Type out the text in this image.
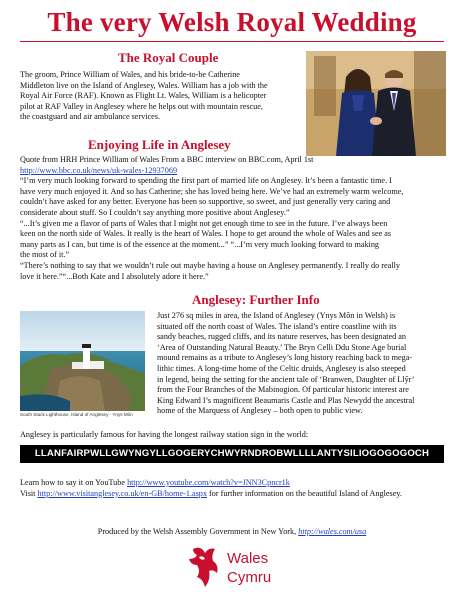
The very Welsh Royal Wedding
The Royal Couple
The groom, Prince William of Wales, and his bride-to-be Catherine
Middleton live on the Island of Anglesey, Wales. William has a job with the
Royal Air Force (RAF). Known as Flight Lt. Wales, William is a helicopter
pilot at RAF Valley in Anglesey where he helps out with mountain rescue,
the coastguard and air ambulance services.
Enjoying Life in Anglesey
Quote from HRH Prince William of Wales From a BBC interview on BBC.com, April 1st
http://www.bbc.co.uk/news/uk-wales-12937069
“I’m very much looking forward to spending the first part of married life on Anglesey. It’s been a fantastic time. I
have very much enjoyed it. And so has Catherine; she has loved being here. We’ve had an extremely warm welcome,
couldn’t have asked for any better. Everyone has been so supportive, so sweet, and just generally very caring and
considerate about stuff. So I couldn’t say anything more positive about Anglesey.”
“...It’s given me a flavor of parts of Wales that I might not get enough time to see in the future. I’ve always been
keen on the north side of Wales. It really is the heart of Wales. I hope to get around the whole of Wales and see as
many parts as I can, but time is of the essence at the moment...” “...I’m very much looking forward to making
the most of it.”
“There’s nothing to say that we wouldn’t rule out maybe having a house on Anglesey permanently. I really do really
love it here.”“...Both Kate and I absolutely adore it here.”
Anglesey: Further Info
South Stack Lighthouse, Island of Anglesey - Ynys Môn
Just 276 sq miles in area, the Island of Anglesey (Ynys Môn in Welsh) is
situated off the north coast of Wales. The island’s entire coastline with its
sandy beaches, rugged cliffs, and its nature reserves, has been designated an
‘Area of Outstanding Natural Beauty.’ The Bryn Celli Ddu Stone Age burial
mound remains as a tribute to Anglesey’s long history reaching back to mega-
lithic times. A long-time home of the Celtic druids, Anglesey is also steeped
in legend, being the setting for the ancient tale of ‘Branwen, Daughter of Llŷr’
from the Four Branches of the Mabinogion. Of particular historic interest are
King Edward I’s magnificent Beaumaris Castle and Plas Newydd the ancestral
home of the Marquess of Anglesey – both open to public view.
Anglesey is particularly famous for having the longest railway station sign in the world:
LLANFAIRPWLLGWYNGYLLGOGERYCHWYRNDROBWLLLLANTYSILIOGOGOGOCH
Learn how to say it on YouTube http://www.youtube.com/watch?v=JNN3Cpncr1k
Visit http://www.visitanglesey.co.uk/en-GB/home-1.aspx for further information on the beautiful Island of Anglesey.
Produced by the Welsh Assembly Government in New York, http://wales.com/usa
Wales
Cymru
